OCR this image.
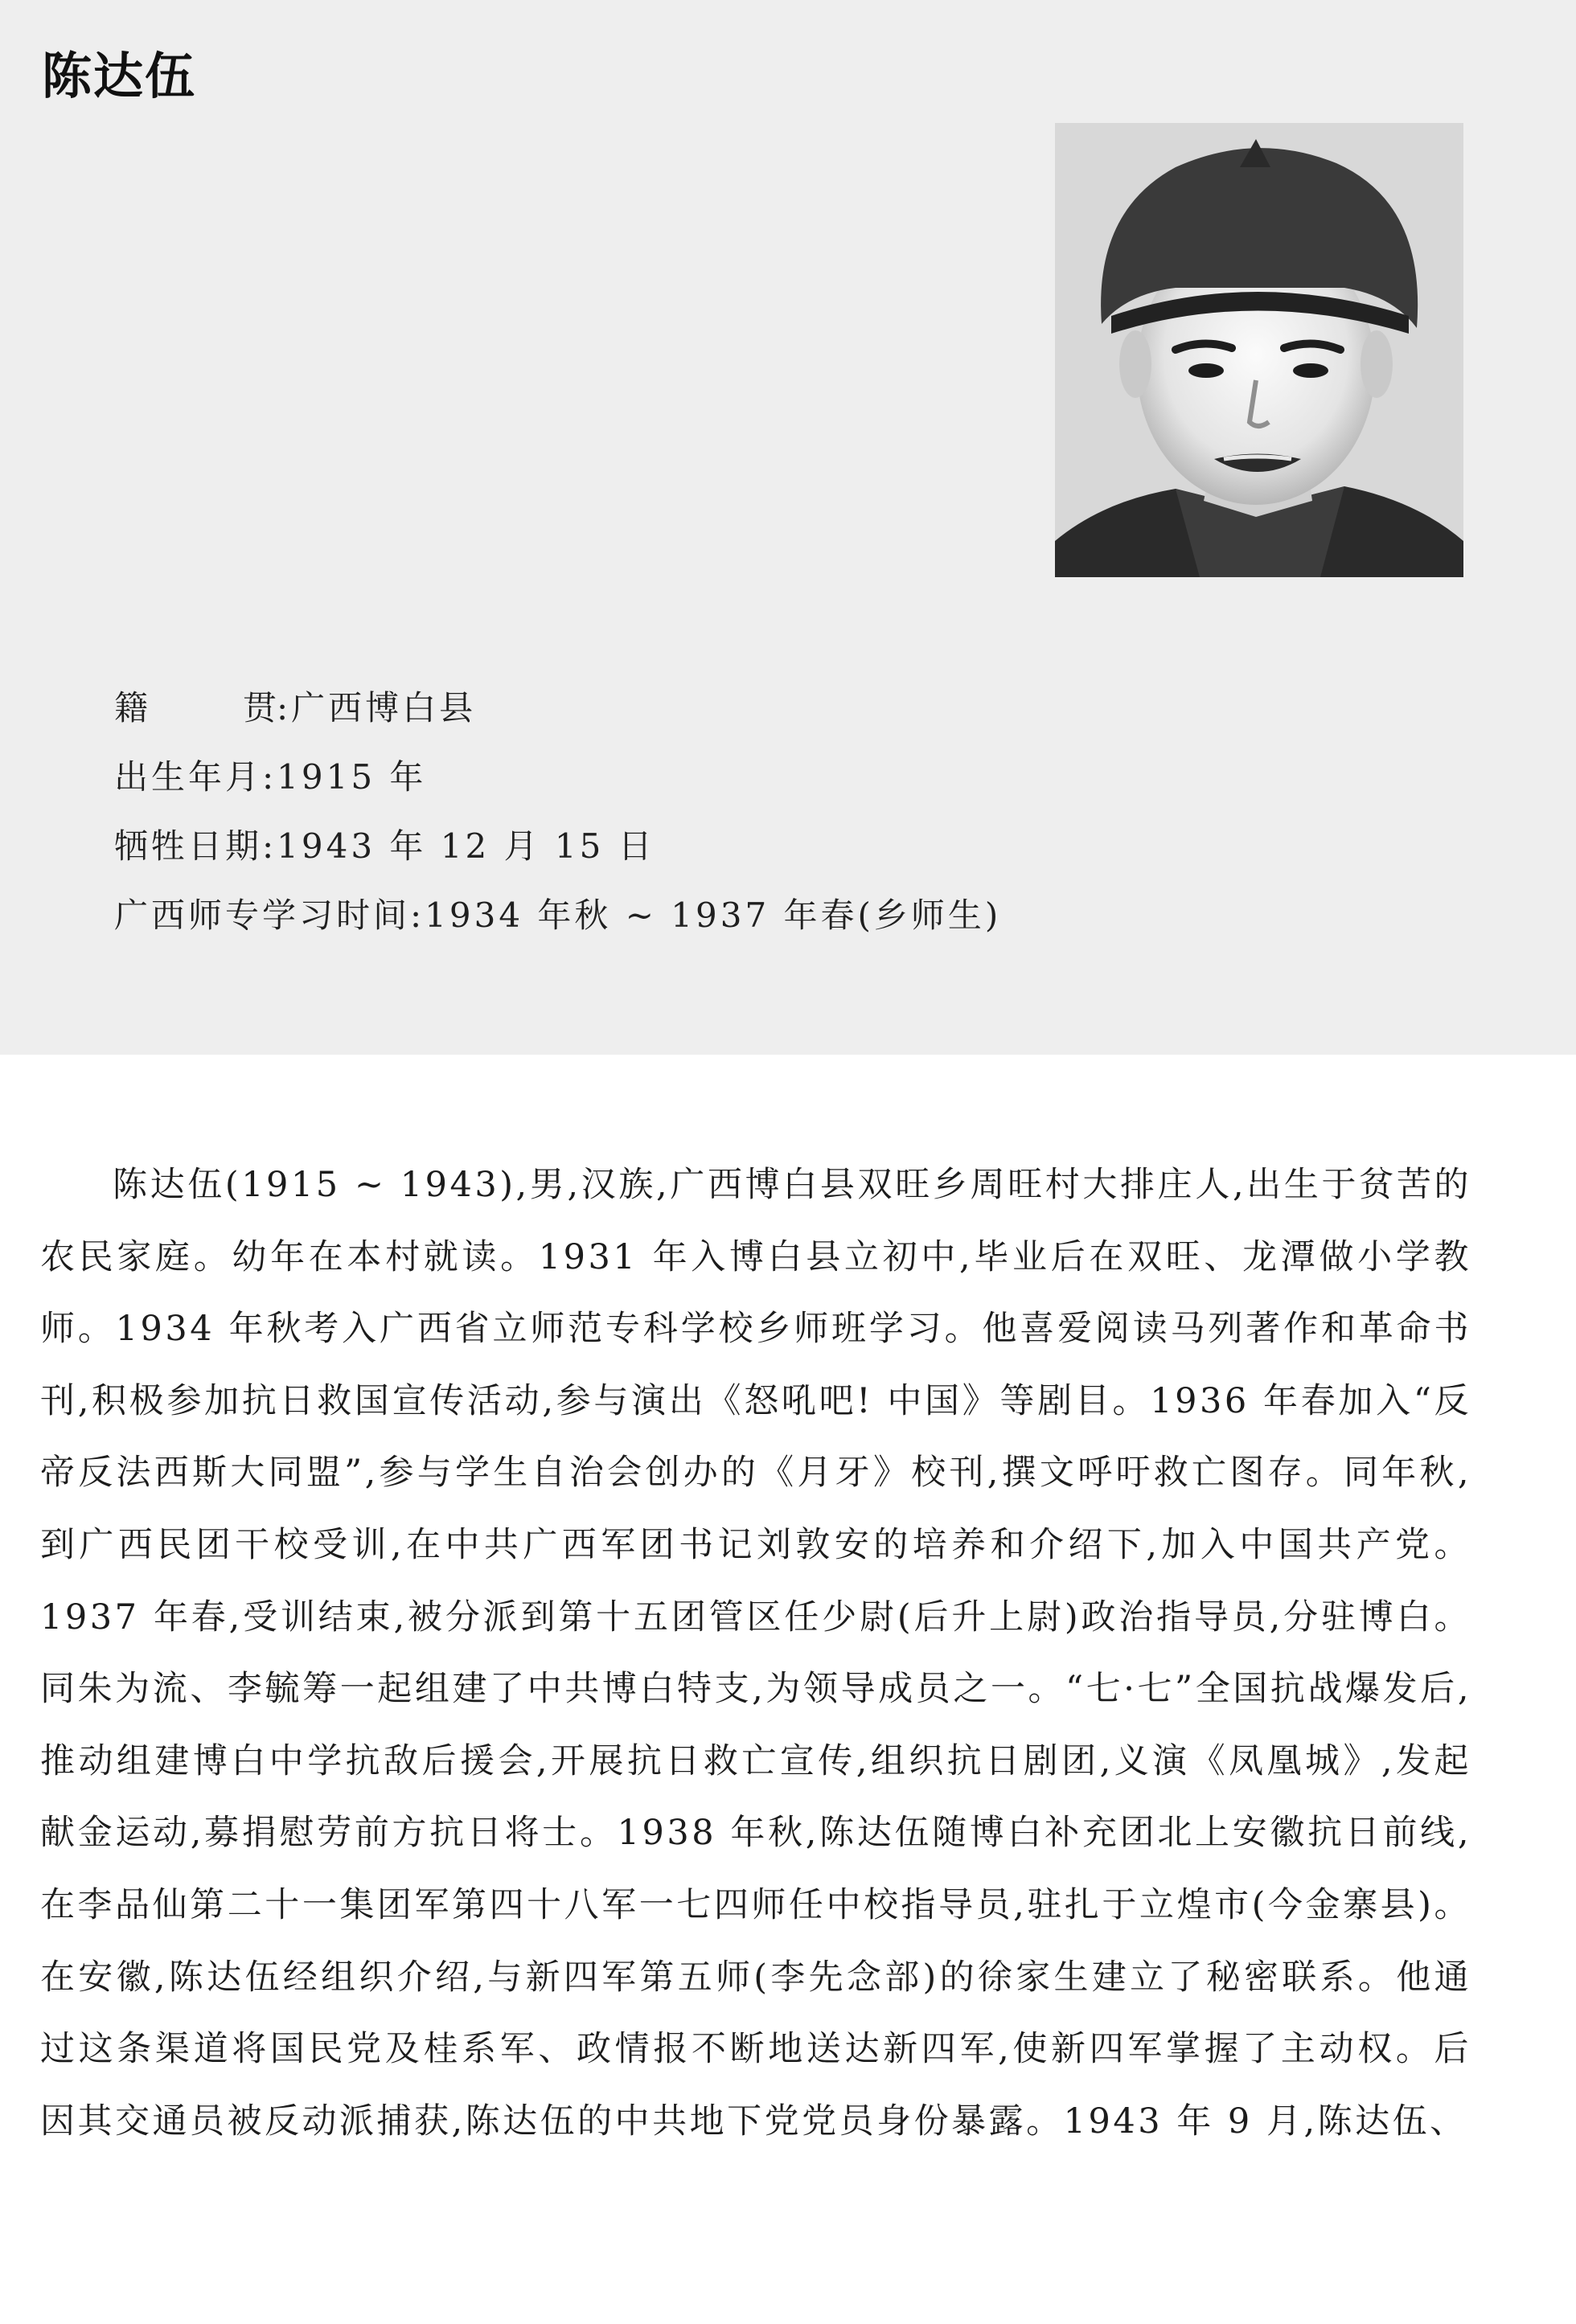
陈达伍
籍贯:广西博白县
出生年月:1915 年
牺牲日期:1943 年 12 月 15 日
广西师专学习时间:1934 年秋 ~ 1937 年春(乡师生)

陈达伍(1915 ~ 1943),男,汉族,广西博白县双旺乡周旺村大排庄人,出生于贫苦的农民家庭。幼年在本村就读。1931 年入博白县立初中,毕业后在双旺、龙潭做小学教师。1934 年秋考入广西省立师范专科学校乡师班学习。他喜爱阅读马列著作和革命书刊,积极参加抗日救国宣传活动,参与演出《怒吼吧! 中国》等剧目。1936 年春加入“反帝反法西斯大同盟”,参与学生自治会创办的《月牙》校刊,撰文呼吁救亡图存。同年秋,到广西民团干校受训,在中共广西军团书记刘敦安的培养和介绍下,加入中国共产党。1937 年春,受训结束,被分派到第十五团管区任少尉(后升上尉)政治指导员,分驻博白。同朱为流、李毓筹一起组建了中共博白特支,为领导成员之一。“七·七”全国抗战爆发后,推动组建博白中学抗敌后援会,开展抗日救亡宣传,组织抗日剧团,义演《凤凰城》,发起献金运动,募捐慰劳前方抗日将士。1938 年秋,陈达伍随博白补充团北上安徽抗日前线,在李品仙第二十一集团军第四十八军一七四师任中校指导员,驻扎于立煌市(今金寨县)。在安徽,陈达伍经组织介绍,与新四军第五师(李先念部)的徐家生建立了秘密联系。他通过这条渠道将国民党及桂系军、政情报不断地送达新四军,使新四军掌握了主动权。后因其交通员被反动派捕获,陈达伍的中共地下党党员身份暴露。1943 年 9 月,陈达伍、
